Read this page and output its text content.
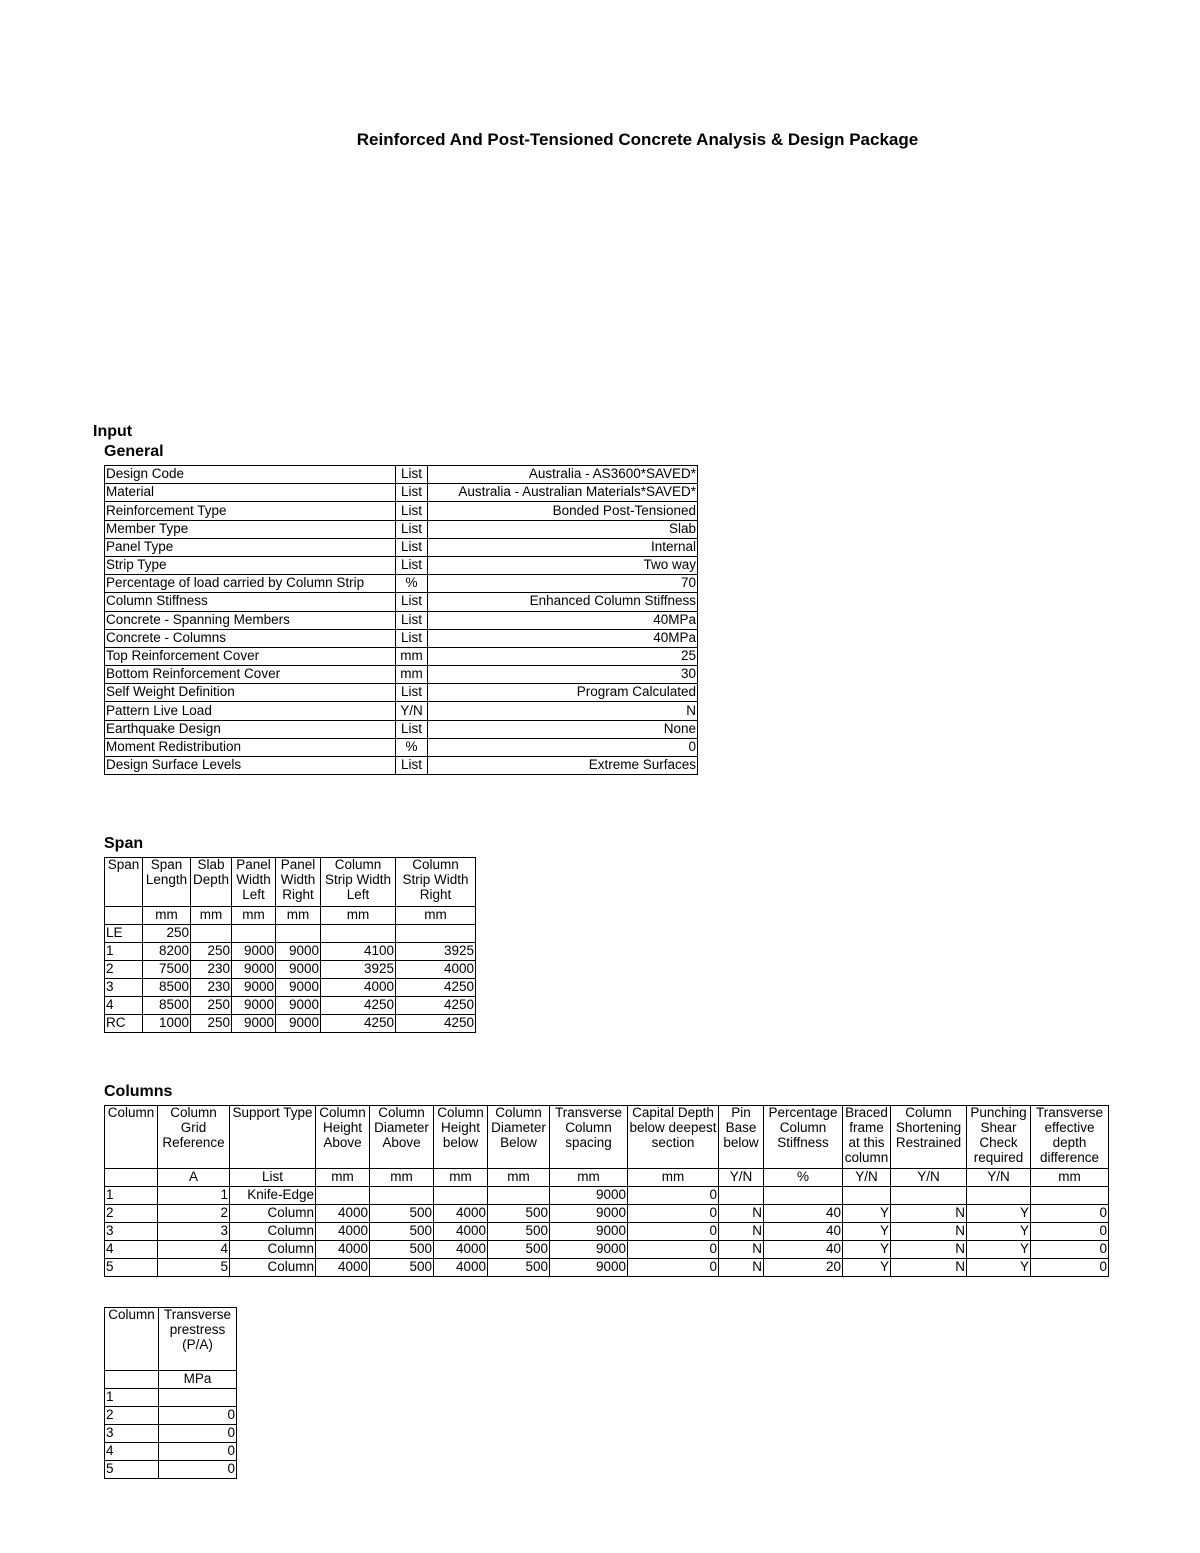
Reinforced And Post-Tensioned Concrete Analysis & Design Package
Input
General
Design Code	List	Australia - AS3600*SAVED*
Material	List	Australia - Australian Materials*SAVED*
Reinforcement Type	List	Bonded Post-Tensioned
Member Type	List	Slab
Panel Type	List	Internal
Strip Type	List	Two way
Percentage of load carried by Column Strip	%	70
Column Stiffness	List	Enhanced Column Stiffness
Concrete - Spanning Members	List	40MPa
Concrete - Columns	List	40MPa
Top Reinforcement Cover	mm	25
Bottom Reinforcement Cover	mm	30
Self Weight Definition	List	Program Calculated
Pattern Live Load	Y/N	N
Earthquake Design	List	None
Moment Redistribution	%	0
Design Surface Levels	List	Extreme Surfaces
Span
Span	Span Length	Slab Depth	Panel Width Left	Panel Width Right	Column Strip Width Left	Column Strip Width Right
	mm	mm	mm	mm	mm	mm
LE	250					
1	8200	250	9000	9000	4100	3925
2	7500	230	9000	9000	3925	4000
3	8500	230	9000	9000	4000	4250
4	8500	250	9000	9000	4250	4250
RC	1000	250	9000	9000	4250	4250
Columns
Column	Column Grid Reference	Support Type	Column Height Above	Column Diameter Above	Column Height below	Column Diameter Below	Transverse Column spacing	Capital Depth below deepest section	Pin Base below	Percentage Column Stiffness	Braced frame at this column	Column Shortening Restrained	Punching Shear Check required	Transverse effective depth difference
	A	List	mm	mm	mm	mm	mm	mm	Y/N	%	Y/N	Y/N	Y/N	mm
1	1	Knife-Edge					9000	0						
2	2	Column	4000	500	4000	500	9000	0	N	40	Y	N	Y	0
3	3	Column	4000	500	4000	500	9000	0	N	40	Y	N	Y	0
4	4	Column	4000	500	4000	500	9000	0	N	40	Y	N	Y	0
5	5	Column	4000	500	4000	500	9000	0	N	20	Y	N	Y	0
Column	Transverse prestress (P/A)
	MPa
1	
2	0
3	0
4	0
5	0
